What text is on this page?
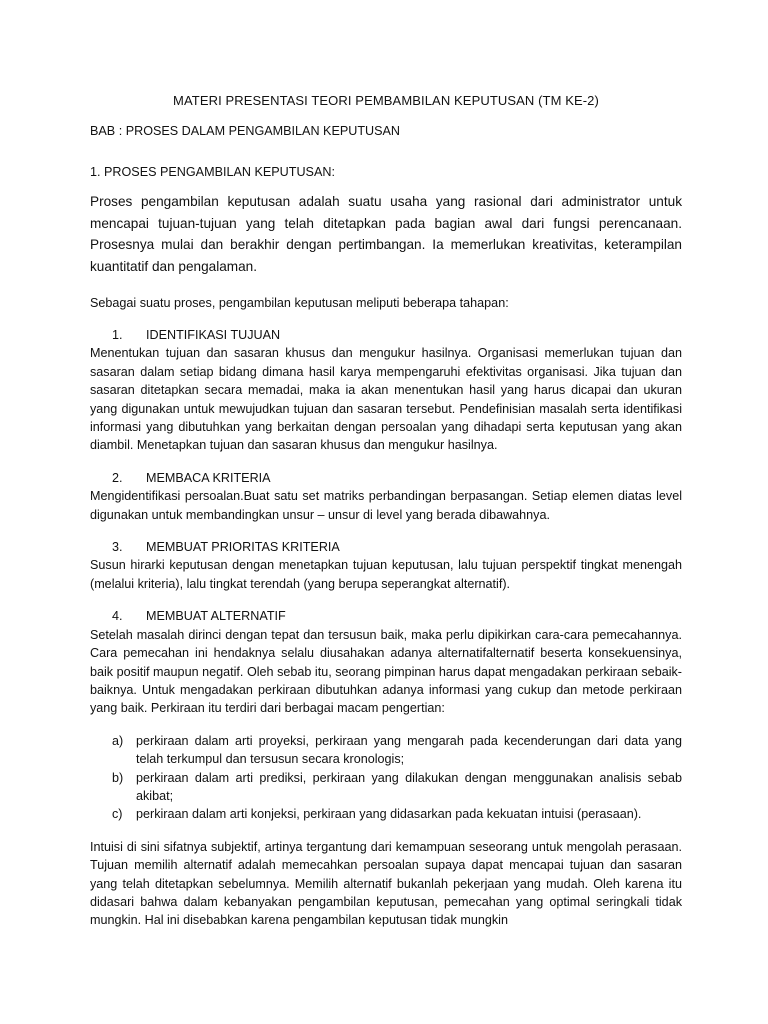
MATERI PRESENTASI TEORI PEMBAMBILAN KEPUTUSAN (TM KE-2)
BAB : PROSES DALAM PENGAMBILAN KEPUTUSAN
1. PROSES PENGAMBILAN KEPUTUSAN:
Proses pengambilan keputusan adalah suatu usaha yang rasional dari administrator untuk mencapai tujuan-tujuan yang telah ditetapkan pada bagian awal dari fungsi perencanaan. Prosesnya mulai dan berakhir dengan pertimbangan. Ia memerlukan kreativitas, keterampilan kuantitatif dan pengalaman.
Sebagai suatu proses, pengambilan keputusan meliputi beberapa tahapan:
1.	IDENTIFIKASI TUJUAN
Menentukan tujuan dan sasaran khusus dan mengukur hasilnya. Organisasi memerlukan tujuan dan sasaran dalam setiap bidang dimana hasil karya mempengaruhi efektivitas organisasi. Jika tujuan dan sasaran ditetapkan secara memadai, maka ia akan menentukan hasil yang harus dicapai dan ukuran yang digunakan untuk mewujudkan tujuan dan sasaran tersebut. Pendefinisian masalah serta identifikasi informasi yang dibutuhkan yang berkaitan dengan persoalan yang dihadapi serta keputusan yang akan diambil. Menetapkan tujuan dan sasaran khusus dan mengukur hasilnya.
2.	MEMBACA KRITERIA
Mengidentifikasi persoalan.Buat satu set matriks perbandingan berpasangan. Setiap elemen diatas level digunakan untuk membandingkan unsur – unsur di level yang berada dibawahnya.
3.	MEMBUAT PRIORITAS KRITERIA
Susun hirarki keputusan dengan menetapkan tujuan keputusan, lalu tujuan perspektif tingkat menengah (melalui kriteria), lalu tingkat terendah (yang berupa seperangkat alternatif).
4.	MEMBUAT ALTERNATIF
Setelah masalah dirinci dengan tepat dan tersusun baik, maka perlu dipikirkan cara-cara pemecahannya. Cara pemecahan ini hendaknya selalu diusahakan adanya alternatifalternatif beserta konsekuensinya, baik positif maupun negatif. Oleh sebab itu, seorang pimpinan harus dapat mengadakan perkiraan sebaik-baiknya. Untuk mengadakan perkiraan dibutuhkan adanya informasi yang cukup dan metode perkiraan yang baik. Perkiraan itu terdiri dari berbagai macam pengertian:
a)	perkiraan dalam arti proyeksi, perkiraan yang mengarah pada kecenderungan dari data yang telah terkumpul dan tersusun secara kronologis;
b)	perkiraan dalam arti prediksi, perkiraan yang dilakukan dengan menggunakan analisis sebab akibat;
c)	perkiraan dalam arti konjeksi, perkiraan yang didasarkan pada kekuatan intuisi (perasaan).
Intuisi di sini sifatnya subjektif, artinya tergantung dari kemampuan seseorang untuk mengolah perasaan. Tujuan memilih alternatif adalah memecahkan persoalan supaya dapat mencapai tujuan dan sasaran yang telah ditetapkan sebelumnya. Memilih alternatif bukanlah pekerjaan yang mudah. Oleh karena itu didasari bahwa dalam kebanyakan pengambilan keputusan, pemecahan yang optimal seringkali tidak mungkin. Hal ini disebabkan karena pengambilan keputusan tidak mungkin
